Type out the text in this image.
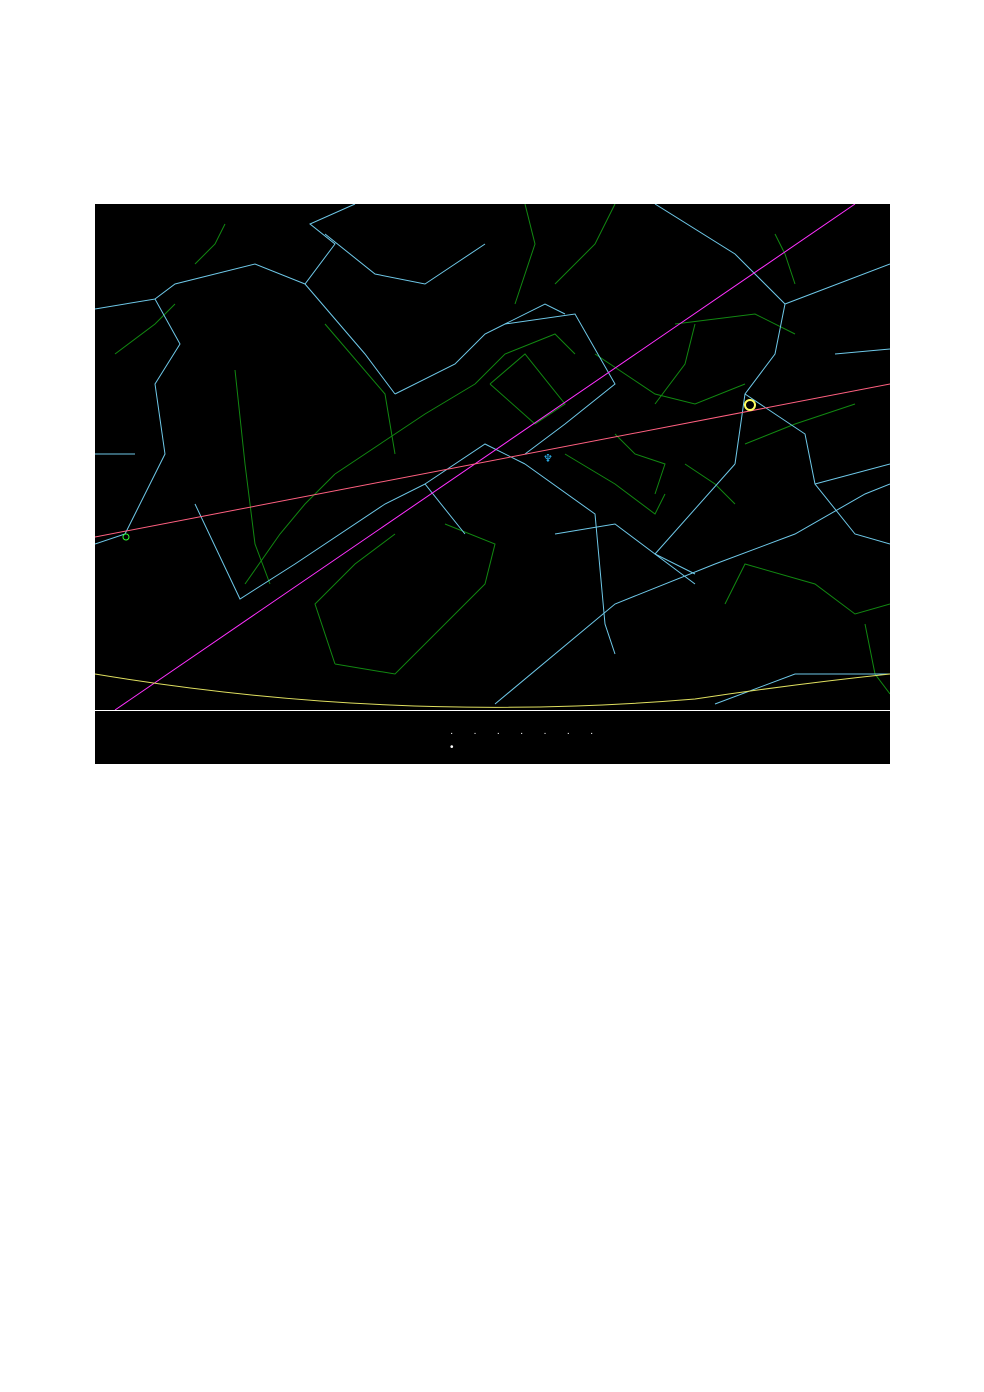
♆

·······
•
